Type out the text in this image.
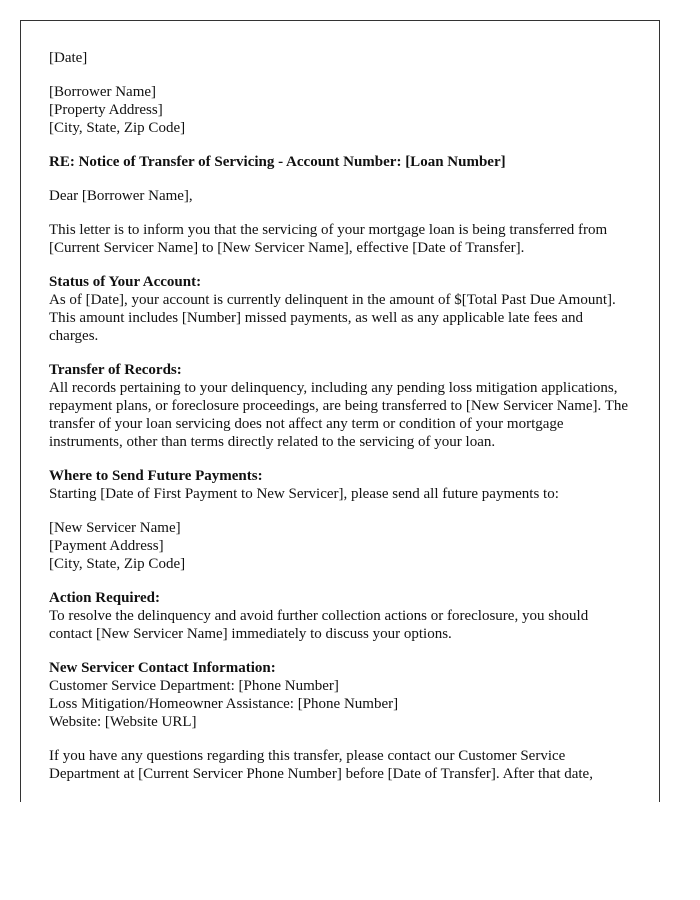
[Date]

[Borrower Name]
[Property Address]
[City, State, Zip Code]

RE: Notice of Transfer of Servicing - Account Number: [Loan Number]

Dear [Borrower Name],

This letter is to inform you that the servicing of your mortgage loan is being transferred from [Current Servicer Name] to [New Servicer Name], effective [Date of Transfer].

Status of Your Account:
As of [Date], your account is currently delinquent in the amount of $[Total Past Due Amount]. This amount includes [Number] missed payments, as well as any applicable late fees and charges.

Transfer of Records:
All records pertaining to your delinquency, including any pending loss mitigation applications, repayment plans, or foreclosure proceedings, are being transferred to [New Servicer Name]. The transfer of your loan servicing does not affect any term or condition of your mortgage instruments, other than terms directly related to the servicing of your loan.

Where to Send Future Payments:
Starting [Date of First Payment to New Servicer], please send all future payments to:

[New Servicer Name]
[Payment Address]
[City, State, Zip Code]

Action Required:
To resolve the delinquency and avoid further collection actions or foreclosure, you should contact [New Servicer Name] immediately to discuss your options.

New Servicer Contact Information:
Customer Service Department: [Phone Number]
Loss Mitigation/Homeowner Assistance: [Phone Number]
Website: [Website URL]

If you have any questions regarding this transfer, please contact our Customer Service Department at [Current Servicer Phone Number] before [Date of Transfer]. After that date,
